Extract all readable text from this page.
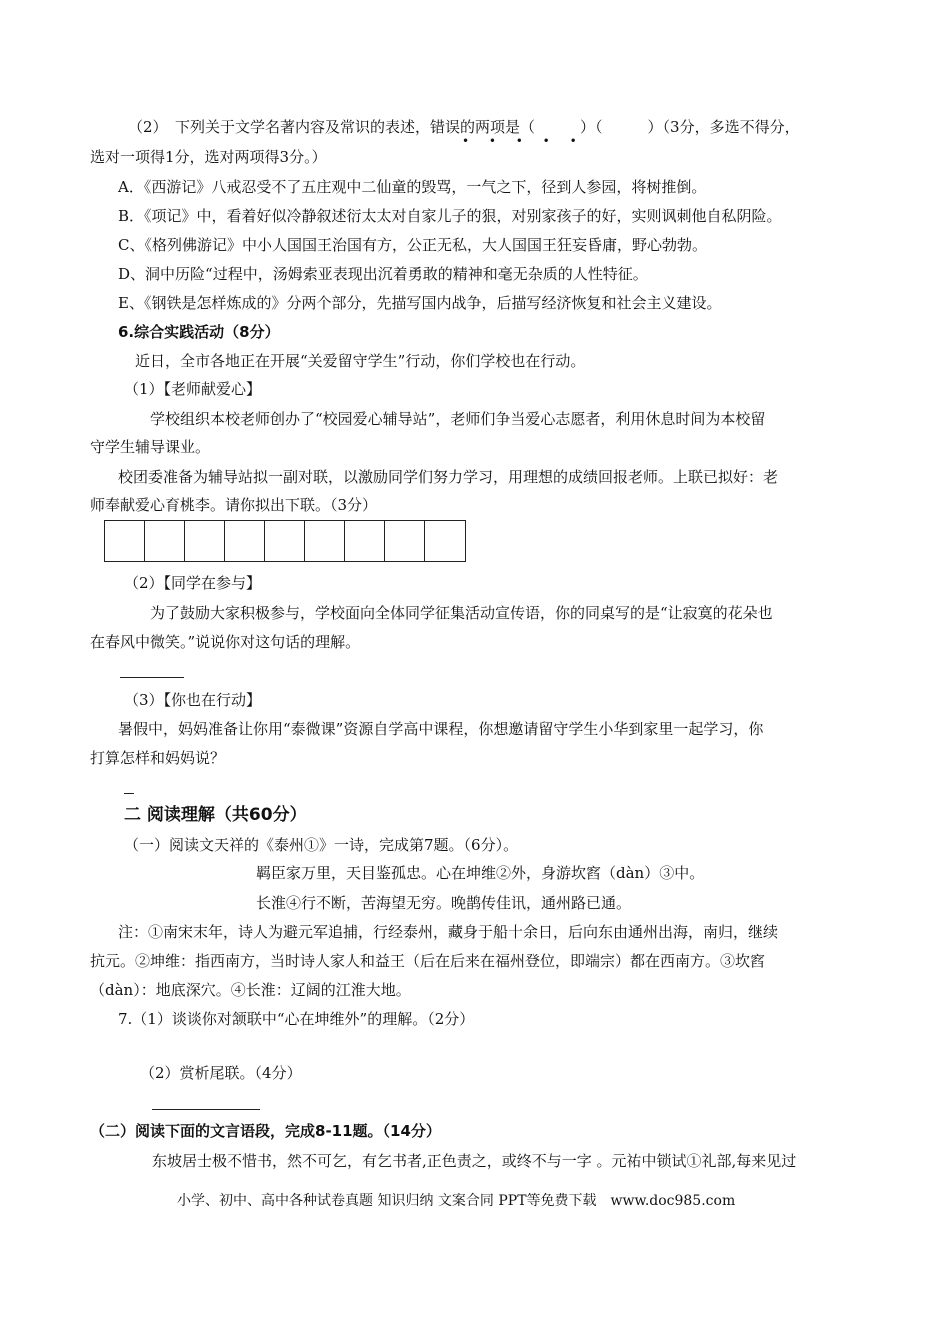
（2）　下列关于文学名著内容及常识的表述，错误的两项是（　　　）（　　　）（3分，多选不得分，
• • • • •
选对一项得1分，选对两项得3分。）
A．《西游记》八戒忍受不了五庄观中二仙童的毁骂，一气之下，径到人参园，将树推倒。
B．《项记》中，看着好似冷静叙述衍太太对自家儿子的狠，对别家孩子的好，实则讽刺他自私阴险。
C、《格列佛游记》中小人国国王治国有方，公正无私，大人国国王狂妄昏庸，野心勃勃。
D、洞中历险“过程中，汤姆索亚表现出沉着勇敢的精神和毫无杂质的人性特征。
E、《钢铁是怎样炼成的》分两个部分，先描写国内战争，后描写经济恢复和社会主义建设。
6.综合实践活动（8分）
近日，全市各地正在开展“关爱留守学生”行动，你们学校也在行动。
（1）【老师献爱心】
学校组织本校老师创办了“校园爱心辅导站”，老师们争当爱心志愿者，利用休息时间为本校留
守学生辅导课业。
校团委准备为辅导站拟一副对联，以激励同学们努力学习，用理想的成绩回报老师。上联已拟好：老
师奉献爱心育桃李。请你拟出下联。（3分）
（2）【同学在参与】
为了鼓励大家积极参与，学校面向全体同学征集活动宣传语，你的同桌写的是“让寂寞的花朵也
在春风中微笑。”说说你对这句话的理解。
（3）【你也在行动】
暑假中，妈妈准备让你用“泰微课”资源自学高中课程，你想邀请留守学生小华到家里一起学习，你
打算怎样和妈妈说？
二 阅读理解（共60分）
（一）阅读文天祥的《泰州①》一诗，完成第7题。（6分）。
羁臣家万里，天目鉴孤忠。心在坤维②外，身游坎窞（dàn）③中。
长淮④行不断，苦海望无穷。晚鹊传佳讯，通州路已通。
注：①南宋末年，诗人为避元军追捕，行经泰州，藏身于船十余日，后向东由通州出海，南归，继续
抗元。②坤维：指西南方，当时诗人家人和益王（后在后来在福州登位，即端宗）都在西南方。③坎窞
（dàn）：地底深穴。④长淮：辽阔的江淮大地。
7.（1）谈谈你对颔联中“心在坤维外”的理解。（2分）
（2）赏析尾联。（4分）
（二）阅读下面的文言语段，完成8-11题。（14分）
东坡居士极不惜书，然不可乞，有乞书者,正色责之，或终不与一字 。元祐中锁试①礼部,每来见过
小学、初中、高中各种试卷真题 知识归纳 文案合同 PPT等免费下载　www.doc985.com
